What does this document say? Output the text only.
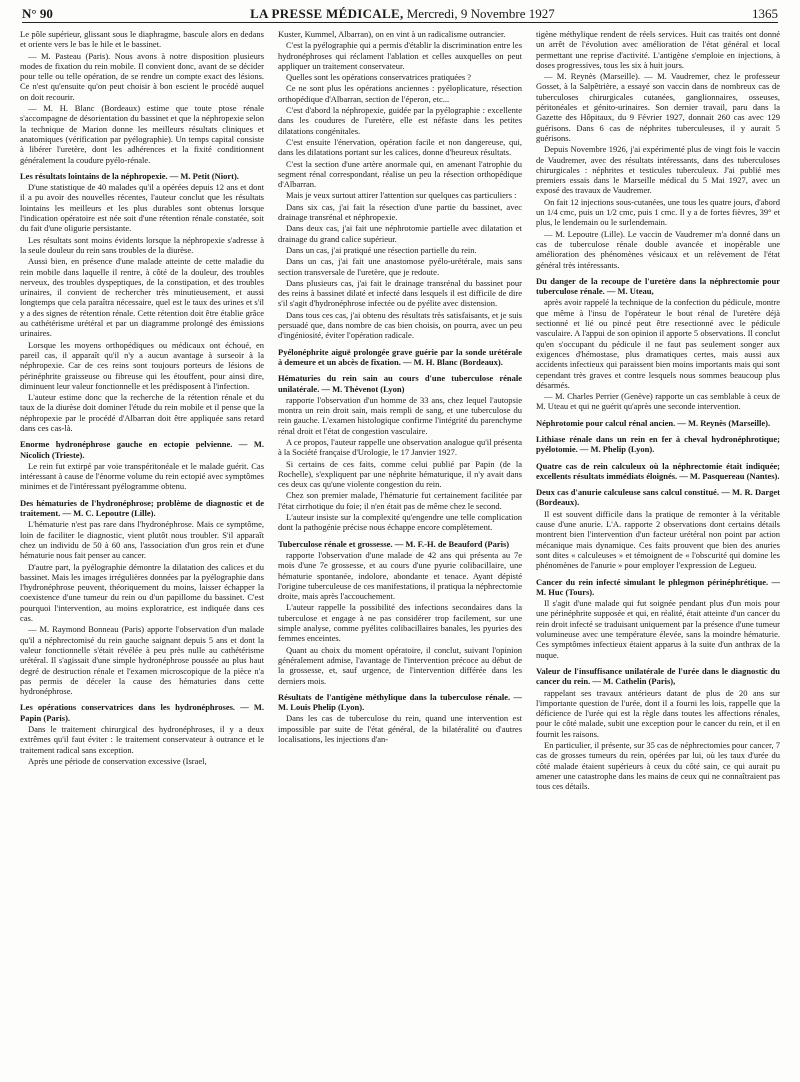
N° 90	LA PRESSE MÉDICALE, Mercredi, 9 Novembre 1927	1365

Le pôle supérieur, glissant sous le diaphragme, bascule alors en dedans et oriente vers le bas le hile et le bassinet.

— M. Pasteau (Paris). Nous avons à notre disposition plusieurs modes de fixation du rein mobile. Il convient donc, avant de se décider pour telle ou telle opération, de se rendre un compte exact des lésions. Ce n'est qu'ensuite qu'on peut choisir à bon escient le procédé auquel on doit recourir.

— M. H. Blanc (Bordeaux) estime que toute ptose rénale s'accompagne de désorientation du bassinet et que la néphropexie selon la technique de Marion donne les meilleurs résultats cliniques et anatomiques (vérification par pyélographie). Un temps capital consiste à libérer l'uretère, dont les adhérences et la fixité conditionnent généralement la coudure pyélo-rénale.

Les résultats lointains de la néphropexie. — M. Petit (Niort).

D'une statistique de 40 malades qu'il a opérées depuis 12 ans et dont il a pu avoir des nouvelles récentes, l'auteur conclut que les résultats lointains les meilleurs et les plus durables sont obtenus lorsque l'indication opératoire est née soit d'une rétention rénale constatée, soit du fait d'une oligurie persistante.

Les résultats sont moins évidents lorsque la néphropexie s'adresse à la seule douleur du rein sans troubles de la diurèse.

Aussi bien, en présence d'une malade atteinte de cette maladie du rein mobile dans laquelle il rentre, à côté de la douleur, des troubles nerveux, des troubles dyspeptiques, de la constipation, et des troubles urinaires, il convient de rechercher très minutieusement, et aussi longtemps que cela paraîtra nécessaire, quel est le taux des urines et s'il y a des signes de rétention rénale. Cette rétention doit être établie grâce au cathétérisme urétéral et par un diagramme prolongé des émissions urinaires.

Lorsque les moyens orthopédiques ou médicaux ont échoué, en pareil cas, il apparaît qu'il n'y a aucun avantage à surseoir à la néphropexie. Car de ces reins sont toujours porteurs de lésions de périnéphrite graisseuse ou fibreuse qui les étouffent, pour ainsi dire, diminuent leur valeur fonctionnelle et les prédisposent à l'infection.

L'auteur estime donc que la recherche de la rétention rénale et du taux de la diurèse doit dominer l'étude du rein mobile et il pense que la néphropexie par le procédé d'Albarran doit être appliquée sans retard dans ces cas-là.

Enorme hydronéphrose gauche en ectopie pelvienne. — M. Nicolich (Trieste).

Le rein fut extirpé par voie transpéritonéale et le malade guérit. Cas intéressant à cause de l'énorme volume du rein ectopié avec symptômes minimes et de l'intéressant pyélogramme obtenu.

Des hématuries de l'hydronéphrose; problème de diagnostic et de traitement. — M. C. Lepoutre (Lille).

L'hématurie n'est pas rare dans l'hydronéphrose. Mais ce symptôme, loin de faciliter le diagnostic, vient plutôt nous troubler. S'il apparaît chez un individu de 50 à 60 ans, l'association d'un gros rein et d'une hématurie nous fait penser au cancer.

D'autre part, la pyélographie démontre la dilatation des calices et du bassinet. Mais les images irrégulières données par la pyélographie dans l'hydronéphrose peuvent, théoriquement du moins, laisser échapper la coexistence d'une tumeur du rein ou d'un papillome du bassinet. C'est pourquoi l'intervention, au moins exploratrice, est indiquée dans ces cas.

— M. Raymond Bonneau (Paris) apporte l'observation d'un malade qu'il a néphrectomisé du rein gauche saignant depuis 5 ans et dont la valeur fonctionnelle s'était révélée à peu près nulle au cathétérisme urétéral. Il s'agissait d'une simple hydronéphrose poussée au plus haut degré de destruction rénale et l'examen microscopique de la pièce n'a pas permis de déceler la cause des hématuries dans cette hydronéphrose.

Les opérations conservatrices dans les hydronéphroses. — M. Papin (Paris).

Dans le traitement chirurgical des hydronéphroses, il y a deux extrêmes qu'il faut éviter : le traitement conservateur à outrance et le traitement radical sans exception.

Après une période de conservation excessive (Israel,

Kuster, Kummel, Albarran), on en vint à un radicalisme outrancier.

C'est la pyélographie qui a permis d'établir la discrimination entre les hydronéphroses qui réclament l'ablation et celles auxquelles on peut appliquer un traitement conservateur.

Quelles sont les opérations conservatrices pratiquées ?

Ce ne sont plus les opérations anciennes : pyéloplicature, résection orthopédique d'Albarran, section de l'éperon, etc...

C'est d'abord la néphropexie, guidée par la pyélographie : excellente dans les coudures de l'uretère, elle est néfaste dans les petites dilatations congénitales.

C'est ensuite l'énervation, opération facile et non dangereuse, qui, dans les dilatations portant sur les calices, donne d'heureux résultats.

C'est la section d'une artère anormale qui, en amenant l'atrophie du segment rénal correspondant, réalise un peu la résection orthopédique d'Albarran.

Mais je veux surtout attirer l'attention sur quelques cas particuliers :

Dans six cas, j'ai fait la résection d'une partie du bassinet, avec drainage transrénal et néphropexie.

Dans deux cas, j'ai fait une néphrotomie partielle avec dilatation et drainage du grand calice supérieur.

Dans un cas, j'ai pratiqué une résection partielle du rein.

Dans un cas, j'ai fait une anastomose pyélo-urétérale, mais sans section transversale de l'uretère, que je redoute.

Dans plusieurs cas, j'ai fait le drainage transrénal du bassinet pour des reins à bassinet dilaté et infecté dans lesquels il est difficile de dire s'il s'agit d'hydronéphrose infectée ou de pyélite avec distension.

Dans tous ces cas, j'ai obtenu des résultats très satisfaisants, et je suis persuadé que, dans nombre de cas bien choisis, on pourra, avec un peu d'ingéniosité, éviter l'opération radicale.

Pyélonéphrite aiguë prolongée grave guérie par la sonde urétérale à demeure et un abcès de fixation. — M. H. Blanc (Bordeaux).

Hématuries du rein sain au cours d'une tuberculose rénale unilatérale. — M. Thévenot (Lyon)

rapporte l'observation d'un homme de 33 ans, chez lequel l'autopsie montra un rein droit sain, mais rempli de sang, et une tuberculose du rein gauche. L'examen histologique confirme l'intégrité du parenchyme rénal droit et l'état de congestion vasculaire.

A ce propos, l'auteur rappelle une observation analogue qu'il présenta à la Société française d'Urologie, le 17 Janvier 1927.

Si certains de ces faits, comme celui publié par Papin (de la Rochelle), s'expliquent par une néphrite hématurique, il n'y avait dans ces deux cas qu'une violente congestion du rein.

Chez son premier malade, l'hématurie fut certainement facilitée par l'état cirrhotique du foie; il n'en était pas de même chez le second.

L'auteur insiste sur la complexité qu'engendre une telle complication dont la pathogénie précise nous échappe encore complètement.

Tuberculose rénale et grossesse. — M. F.-H. de Beauford (Paris)

rapporte l'observation d'une malade de 42 ans qui présenta au 7e mois d'une 7e grossesse, et au cours d'une pyurie colibacillaire, une hématurie spontanée, indolore, abondante et tenace. Ayant dépisté l'origine tuberculeuse de ces manifestations, il pratiqua la néphrectomie droite, mais après l'accouchement.

L'auteur rappelle la possibilité des infections secondaires dans la tuberculose et engage à ne pas considérer trop facilement, sur une simple analyse, comme pyélites colibacillaires banales, les pyuries des femmes enceintes.

Quant au choix du moment opératoire, il conclut, suivant l'opinion généralement admise, l'avantage de l'intervention précoce au début de la grossesse, et, sauf urgence, de l'intervention différée dans les derniers mois.

Résultats de l'antigène méthylique dans la tuberculose rénale. — M. Louis Phelip (Lyon).

Dans les cas de tuberculose du rein, quand une intervention est impossible par suite de l'état général, de la bilatéralité ou d'autres localisations, les injections d'an-

tigène méthylique rendent de réels services. Huit cas traités ont donné un arrêt de l'évolution avec amélioration de l'état général et local permettant une reprise d'activité. L'antigène s'emploie en injections, à doses progressives, tous les six à huit jours.

— M. Reynès (Marseille). — M. Vaudremer, chez le professeur Gosset, à la Salpêtrière, a essayé son vaccin dans de nombreux cas de tuberculoses chirurgicales cutanées, ganglionnaires, osseuses, péritonéales et génito-urinaires. Son dernier travail, paru dans la Gazette des Hôpitaux, du 9 Février 1927, donnait 260 cas avec 129 guérisons. Dans 6 cas de néphrites tuberculeuses, il y aurait 5 guérisons.

Depuis Novembre 1926, j'ai expérimenté plus de vingt fois le vaccin de Vaudremer, avec des résultats intéressants, dans des tuberculoses chirurgicales : néphrites et testicules tuberculeux. J'ai publié mes premiers essais dans le Marseille médical du 5 Mai 1927, avec un exposé des travaux de Vaudremer.

On fait 12 injections sous-cutanées, une tous les quatre jours, d'abord un 1/4 cmc, puis un 1/2 cmc, puis 1 cmc. Il y a de fortes fièvres, 39° et plus, le lendemain ou le surlendemain.

— M. Lepoutre (Lille). Le vaccin de Vaudremer m'a donné dans un cas de tuberculose rénale double avancée et inopérable une amélioration des phénomènes vésicaux et un relèvement de l'état général très intéressants.

Du danger de la recoupe de l'uretère dans la néphrectomie pour tuberculose rénale. — M. Uteau,

après avoir rappelé la technique de la confection du pédicule, montre que même à l'insu de l'opérateur le bout rénal de l'uretère déjà sectionné et lié ou pincé peut être resectionné avec le pédicule vasculaire. A l'appui de son opinion il apporte 5 observations. Il conclut qu'en s'occupant du pédicule il ne faut pas seulement songer aux exigences d'hémostase, plus dramatiques certes, mais aussi aux accidents infectieux qui paraissent bien moins importants mais qui sont cependant très graves et contre lesquels nous sommes beaucoup plus désarmés.

— M. Charles Perrier (Genève) rapporte un cas semblable à ceux de M. Uteau et qui ne guérit qu'après une seconde intervention.

Néphrotomie pour calcul rénal ancien. — M. Reynès (Marseille).

Lithiase rénale dans un rein en fer à cheval hydronéphrotique; pyélotomie. — M. Phelip (Lyon).

Quatre cas de rein calculeux où la néphrectomie était indiquée; excellents résultats immédiats éloignés. — M. Pasquereau (Nantes).

Deux cas d'anurie calculeuse sans calcul constitué. — M. R. Darget (Bordeaux).

Il est souvent difficile dans la pratique de remonter à la véritable cause d'une anurie. L'A. rapporte 2 observations dont certains détails montrent bien l'intervention d'un facteur urétéral non point par action mécanique mais dynamique. Ces faits prouvent que bien des anuries sont dites « calculeuses » et témoignent de « l'obscurité qui domine les phénomènes de l'anurie » pour employer l'expression de Legueu.

Cancer du rein infecté simulant le phlegmon périnéphrétique. — M. Huc (Tours).

Il s'agit d'une malade qui fut soignée pendant plus d'un mois pour une périnéphrite supposée et qui, en réalité, était atteinte d'un cancer du rein droit infecté se traduisant uniquement par la présence d'une tumeur volumineuse avec une température élevée, sans la moindre hématurie. Ces symptômes infectieux étaient apparus à la suite d'un anthrax de la nuque.

Valeur de l'insuffisance unilatérale de l'urée dans le diagnostic du cancer du rein. — M. Cathelin (Paris),

rappelant ses travaux antérieurs datant de plus de 20 ans sur l'importante question de l'urée, dont il a fourni les lois, rappelle que la déficience de l'urée qui est la règle dans toutes les affections rénales, pour le côté malade, subit une exception pour le cancer du rein, et il en fournit les raisons.

En particulier, il présente, sur 35 cas de néphrectomies pour cancer, 7 cas de grosses tumeurs du rein, opérées par lui, où les taux d'urée du côté malade étaient supérieurs à ceux du côté sain, ce qui aurait pu amener une catastrophe dans les mains de ceux qui ne connaîtraient pas tous ces détails.
